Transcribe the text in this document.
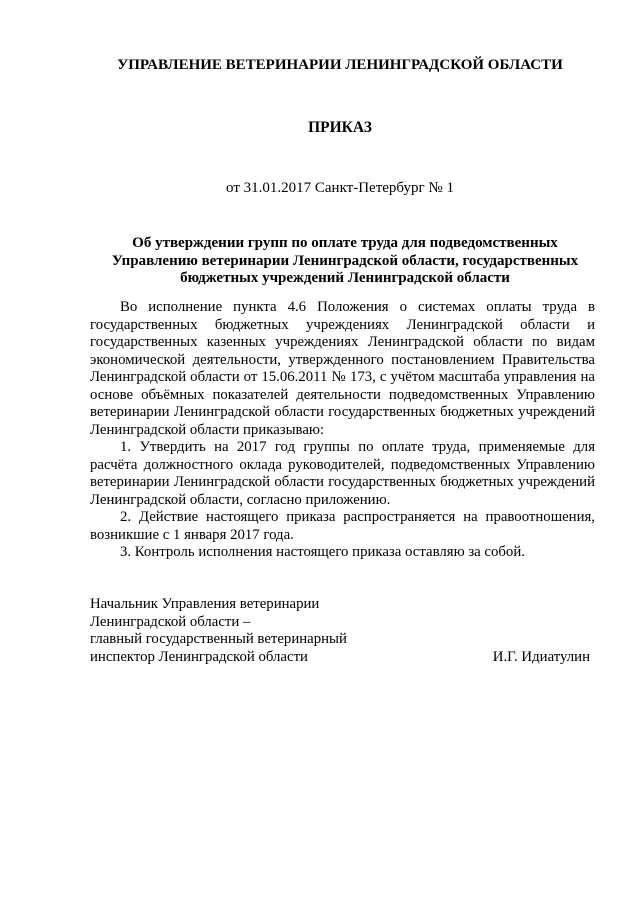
УПРАВЛЕНИЕ ВЕТЕРИНАРИИ ЛЕНИНГРАДСКОЙ ОБЛАСТИ
ПРИКАЗ
от 31.01.2017 Санкт-Петербург № 1
Об утверждении групп по оплате труда для подведомственных
Управлению ветеринарии Ленинградской области, государственных
бюджетных учреждений Ленинградской области

Во исполнение пункта 4.6 Положения о системах оплаты труда в государственных бюджетных учреждениях Ленинградской области и государственных казенных учреждениях Ленинградской области по видам экономической деятельности, утвержденного постановлением Правительства Ленинградской области от 15.06.2011 № 173, с учётом масштаба управления на основе объёмных показателей деятельности подведомственных Управлению ветеринарии Ленинградской области государственных бюджетных учреждений Ленинградской области приказываю:

1. Утвердить на 2017 год группы по оплате труда, применяемые для расчёта должностного оклада руководителей, подведомственных Управлению ветеринарии Ленинградской области государственных бюджетных учреждений Ленинградской области, согласно приложению.

2. Действие настоящего приказа распространяется на правоотношения, возникшие с 1 января 2017 года.

3. Контроль исполнения настоящего приказа оставляю за собой.

Начальник Управления ветеринарии
Ленинградской области –
главный государственный ветеринарный
инспектор Ленинградской области	И.Г. Идиатулин
